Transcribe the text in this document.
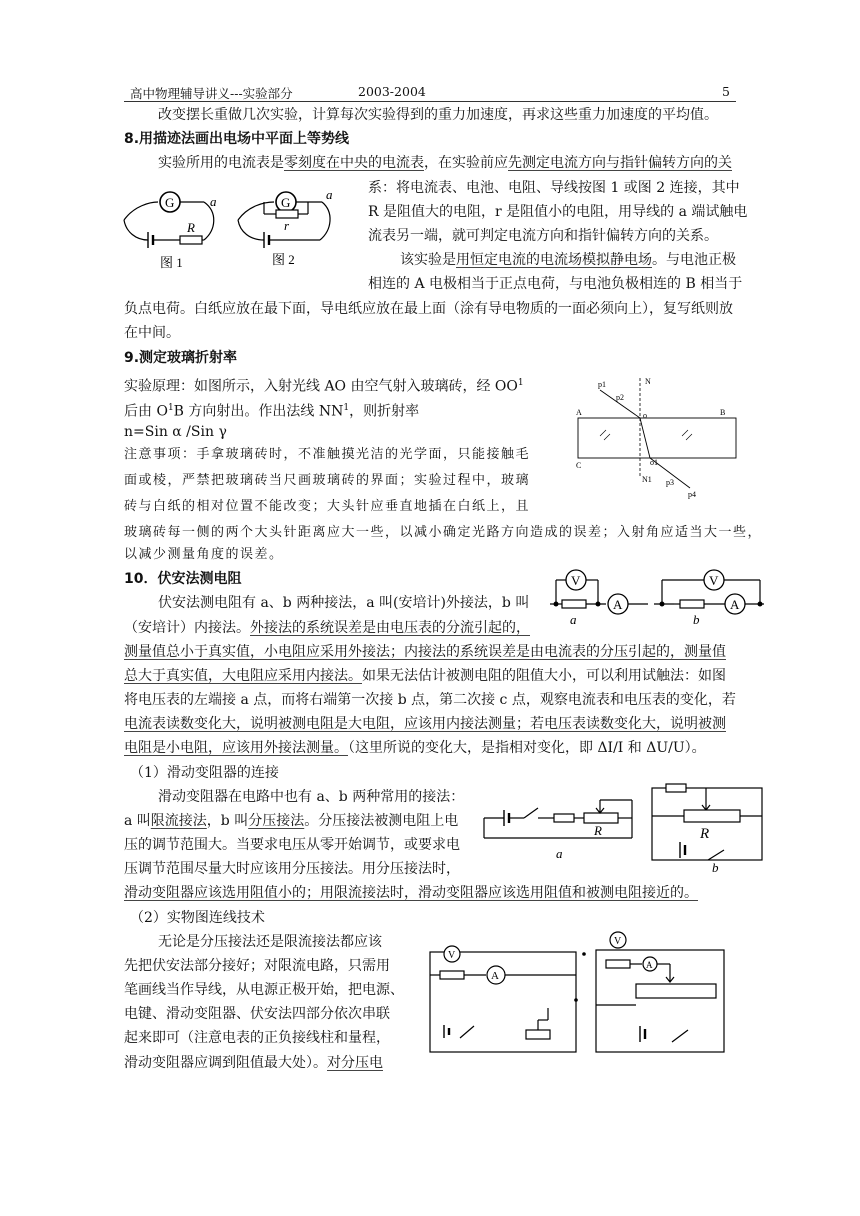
高中物理辅导讲义---实验部分	2003-2004	5
改变摆长重做几次实验，计算每次实验得到的重力加速度，再求这些重力加速度的平均值。
8.用描迹法画出电场中平面上等势线
实验所用的电流表是零刻度在中央的电流表，在实验前应先测定电流方向与指针偏转方向的关
系：将电流表、电池、电阻、导线按图 1 或图 2 连接，其中
R 是阻值大的电阻，r 是阻值小的电阻，用导线的 a 端试触电
流表另一端，就可判定电流方向和指针偏转方向的关系。
该实验是用恒定电流的电流场模拟静电场。与电池正极
相连的 A 电极相当于正点电荷，与电池负极相连的 B 相当于
负点电荷。白纸应放在最下面，导电纸应放在最上面（涂有导电物质的一面必须向上），复写纸则放
在中间。
G	a
R
图 1
G
a
r
图 2
9.测定玻璃折射率
实验原理：如图所示，入射光线 AO 由空气射入玻璃砖，经 $OO^1$
后由 $O^1B$ 方向射出。作出法线 $NN^1$，则折射率
n=Sin α /Sin γ
注意事项：手拿玻璃砖时，不准触摸光洁的光学面，只能接触毛
面或棱，严禁把玻璃砖当尺画玻璃砖的界面；实验过程中，玻璃
砖与白纸的相对位置不能改变；大头针应垂直地插在白纸上，且
玻璃砖每一侧的两个大头针距离应大一些，以减小确定光路方向造成的误差；入射角应适当大一些，
以减少测量角度的误差。
p1
p2
N
A	B
C
o
o1
N1 p3
p4
10．伏安法测电阻
伏安法测电阻有 a、b 两种接法，a 叫(安培计)外接法，b 叫
（安培计）内接法。外接法的系统误差是由电压表的分流引起的，
测量值总小于真实值，小电阻应采用外接法；内接法的系统误差是由电流表的分压引起的，测量值
总大于真实值，大电阻应采用内接法。如果无法估计被测电阻的阻值大小，可以利用试触法：如图
将电压表的左端接 a 点，而将右端第一次接 b 点，第二次接 c 点，观察电流表和电压表的变化，若
电流表读数变化大，说明被测电阻是大电阻，应该用内接法测量；若电压表读数变化大，说明被测
电阻是小电阻，应该用外接法测量。（这里所说的变化大，是指相对变化，即 ΔI/I 和 ΔU/U）。
V
A
a
A
V
b
（1）滑动变阻器的连接
滑动变阻器在电路中也有 a、b 两种常用的接法：
a 叫限流接法，b 叫分压接法。分压接法被测电阻上电
压的调节范围大。当要求电压从零开始调节，或要求电
压调节范围尽量大时应该用分压接法。用分压接法时，
滑动变阻器应该选用阻值小的；用限流接法时，滑动变阻器应该选用阻值和被测电阻接近的。
R
a
R
b
（2）实物图连线技术
无论是分压接法还是限流接法都应该
先把伏安法部分接好；对限流电路，只需用
笔画线当作导线，从电源正极开始，把电源、
电键、滑动变阻器、伏安法四部分依次串联
起来即可（注意电表的正负接线柱和量程，
滑动变阻器应调到阻值最大处）。对分压电
V
A
V
A
